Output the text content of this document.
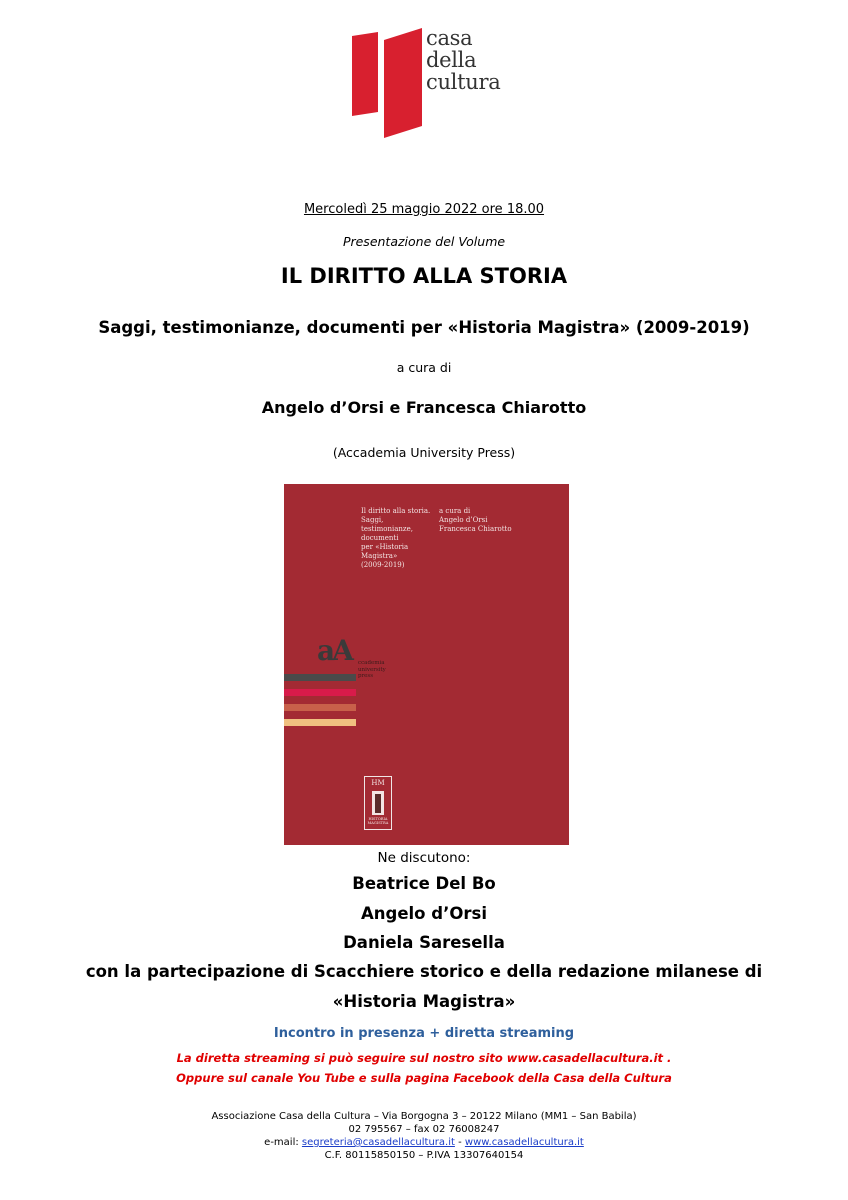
casa
della
cultura
Mercoledì 25 maggio 2022 ore 18.00
Presentazione del Volume
IL DIRITTO ALLA STORIA
Saggi, testimonianze, documenti per «Historia Magistra» (2009-2019)
a cura di
Angelo d’Orsi e Francesca Chiarotto
(Accademia University Press)
Il diritto alla storia.
Saggi,
testimonianze,
documenti
per «Historia
Magistra»
(2009-2019)
a cura di
Angelo d’Orsi
Francesca Chiarotto
aA ccademia
university
press
HM
HISTORIA
MAGISTRA
Ne discutono:
Beatrice Del Bo
Angelo d’Orsi
Daniela Saresella
con la partecipazione di Scacchiere storico e della redazione milanese di
«Historia Magistra»
Incontro in presenza + diretta streaming
La diretta streaming si può seguire sul nostro sito www.casadellacultura.it .
Oppure sul canale You Tube e sulla pagina Facebook della Casa della Cultura
Associazione Casa della Cultura – Via Borgogna 3 – 20122 Milano (MM1 – San Babila)
02 795567 – fax 02 76008247
e-mail: segreteria@casadellacultura.it - www.casadellacultura.it
C.F. 80115850150 – P.IVA 13307640154
